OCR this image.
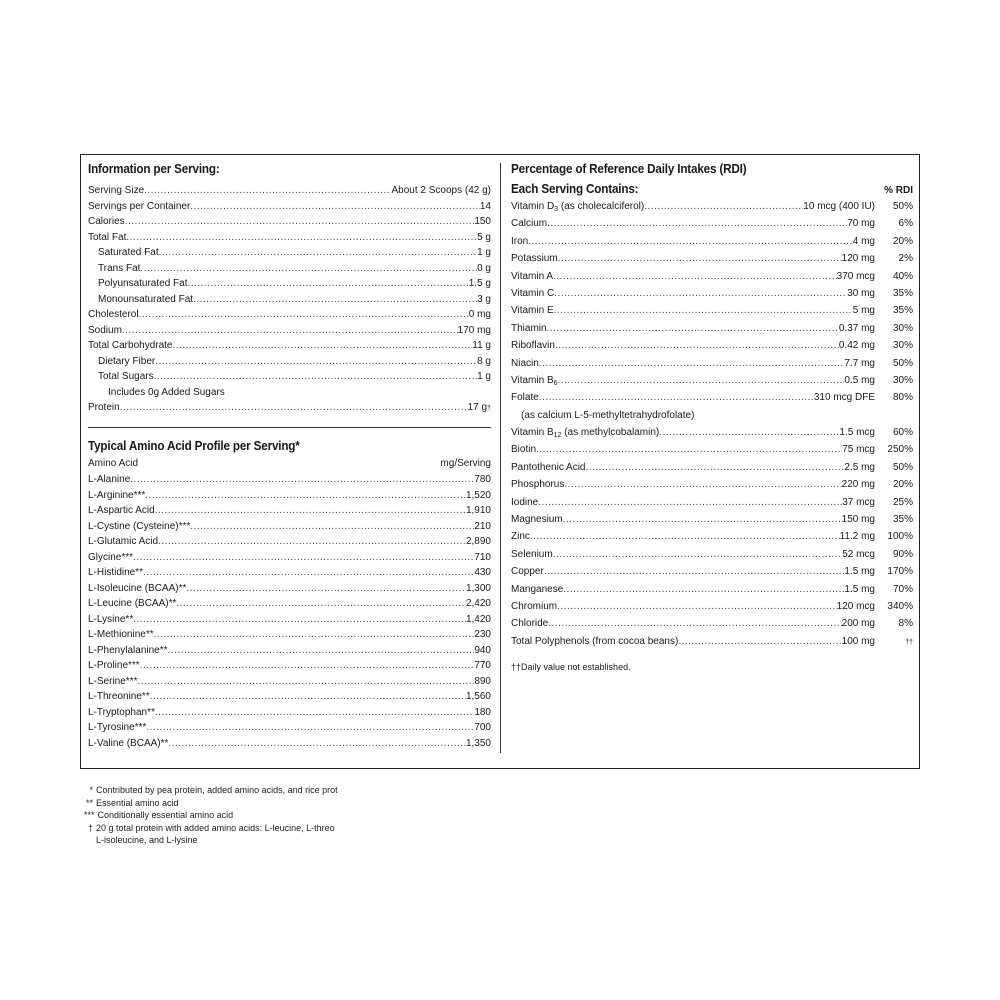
Information per Serving:
Serving Size .....	About 2 Scoops (42 g)
Servings per Container .....	14
Calories .....	150
Total Fat .....	5 g
Saturated Fat .....	1 g
Trans Fat .....	0 g
Polyunsaturated Fat .....	1.5 g
Monounsaturated Fat .....	3 g
Cholesterol .....	0 mg
Sodium .....	170 mg
Total Carbohydrate .....	11 g
Dietary Fiber .....	8 g
Total Sugars .....	1 g
Includes 0g Added Sugars
Protein .....	17 g †
Typical Amino Acid Profile per Serving*
Amino Acid	mg/Serving
L-Alanine .....	780
L-Arginine*** .....	1,520
L-Aspartic Acid .....	1,910
L-Cystine (Cysteine)*** .....	210
L-Glutamic Acid .....	2,890
Glycine*** .....	710
L-Histidine** .....	430
L-Isoleucine (BCAA)** .....	1,300
L-Leucine (BCAA)** .....	2,420
L-Lysine** .....	1,420
L-Methionine** .....	230
L-Phenylalanine** .....	940
L-Proline*** .....	770
L-Serine*** .....	890
L-Threonine** .....	1,560
L-Tryptophan** .....	180
L-Tyrosine*** .....	700
L-Valine (BCAA)** .....	1,350
Percentage of Reference Daily Intakes (RDI)
Each Serving Contains:	% RDI
Vitamin $D_3$ (as cholecalciferol) .....	10 mcg (400 IU)	50%
Calcium .....	70 mg	6%
Iron .....	4 mg	20%
Potassium .....	120 mg	2%
Vitamin A .....	370 mcg	40%
Vitamin C .....	30 mg	35%
Vitamin E .....	5 mg	35%
Thiamin .....	0.37 mg	30%
Riboflavin .....	0.42 mg	30%
Niacin .....	7.7 mg	50%
Vitamin $B_6$ .....	0.5 mg	30%
Folate .....	310 mcg DFE	80%
(as calcium L-5-methyltetrahydrofolate)
Vitamin $B_{12}$ (as methylcobalamin) .....	1.5 mcg	60%
Biotin .....	75 mcg	250%
Pantothenic Acid .....	2.5 mg	50%
Phosphorus .....	220 mg	20%
Iodine .....	37 mcg	25%
Magnesium .....	150 mg	35%
Zinc .....	11.2 mg	100%
Selenium .....	52 mcg	90%
Copper .....	1.5 mg	170%
Manganese .....	1.5 mg	70%
Chromium .....	120 mcg	340%
Chloride .....	200 mg	8%
Total Polyphenols (from cocoa beans) .....	100 mg	††
††Daily value not established.
* Contributed by pea protein, added amino acids, and rice prot
** Essential amino acid
*** Conditionally essential amino acid
† 20 g total protein with added amino acids: L-leucine, L-threo
L-isoleucine, and L-lysine
